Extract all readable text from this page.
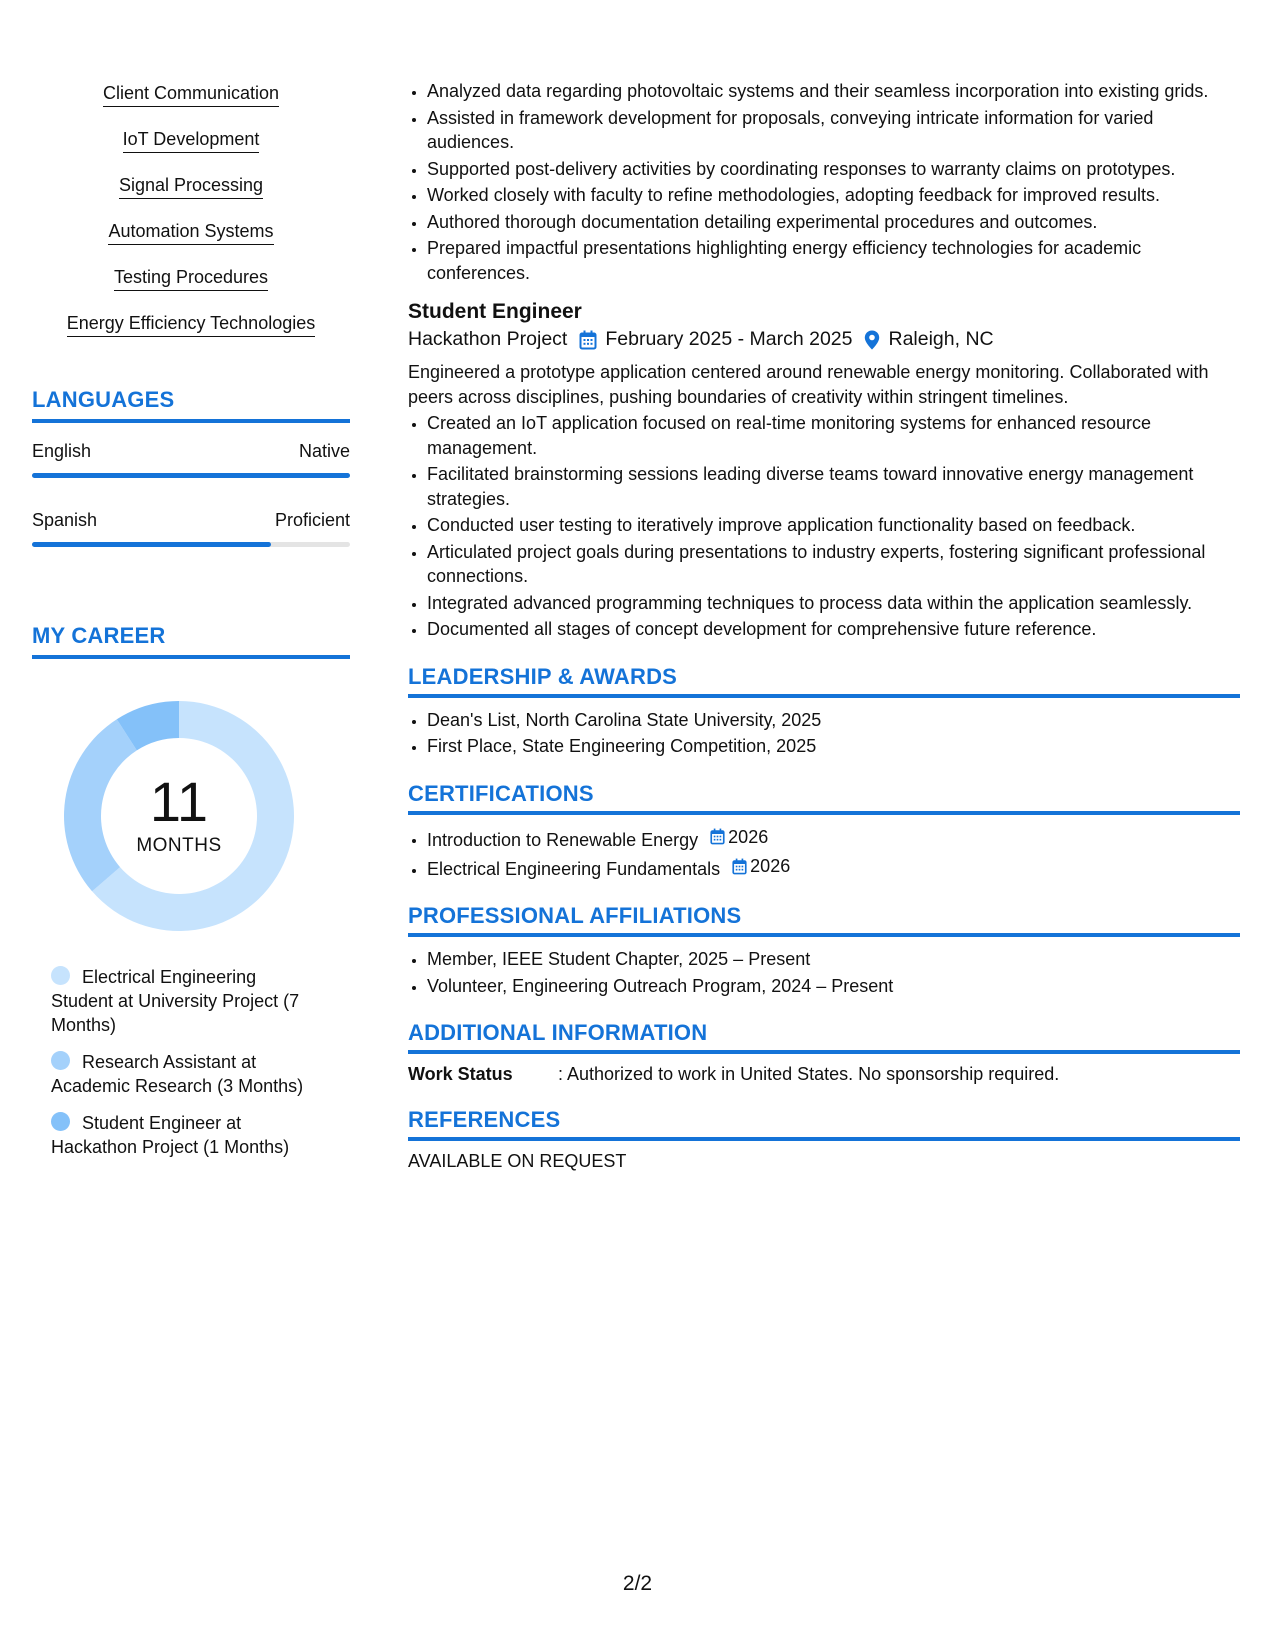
Client Communication
IoT Development
Signal Processing
Automation Systems
Testing Procedures
Energy Efficiency Technologies
LANGUAGES
English	Native
Spanish	Proficient
MY CAREER
11
MONTHS
Electrical Engineering Student at University Project (7 Months)
Research Assistant at Academic Research (3 Months)
Student Engineer at Hackathon Project (1 Months)
• Analyzed data regarding photovoltaic systems and their seamless incorporation into existing grids.
• Assisted in framework development for proposals, conveying intricate information for varied audiences.
• Supported post-delivery activities by coordinating responses to warranty claims on prototypes.
• Worked closely with faculty to refine methodologies, adopting feedback for improved results.
• Authored thorough documentation detailing experimental procedures and outcomes.
• Prepared impactful presentations highlighting energy efficiency technologies for academic conferences.
Student Engineer
Hackathon Project February 2025 - March 2025 Raleigh, NC
Engineered a prototype application centered around renewable energy monitoring. Collaborated with peers across disciplines, pushing boundaries of creativity within stringent timelines.
• Created an IoT application focused on real-time monitoring systems for enhanced resource management.
• Facilitated brainstorming sessions leading diverse teams toward innovative energy management strategies.
• Conducted user testing to iteratively improve application functionality based on feedback.
• Articulated project goals during presentations to industry experts, fostering significant professional connections.
• Integrated advanced programming techniques to process data within the application seamlessly.
• Documented all stages of concept development for comprehensive future reference.
LEADERSHIP & AWARDS
• Dean's List, North Carolina State University, 2025
• First Place, State Engineering Competition, 2025
CERTIFICATIONS
• Introduction to Renewable Energy 2026
• Electrical Engineering Fundamentals 2026
PROFESSIONAL AFFILIATIONS
• Member, IEEE Student Chapter, 2025 – Present
• Volunteer, Engineering Outreach Program, 2024 – Present
ADDITIONAL INFORMATION
Work Status	: Authorized to work in United States. No sponsorship required.
REFERENCES
AVAILABLE ON REQUEST
2/2
